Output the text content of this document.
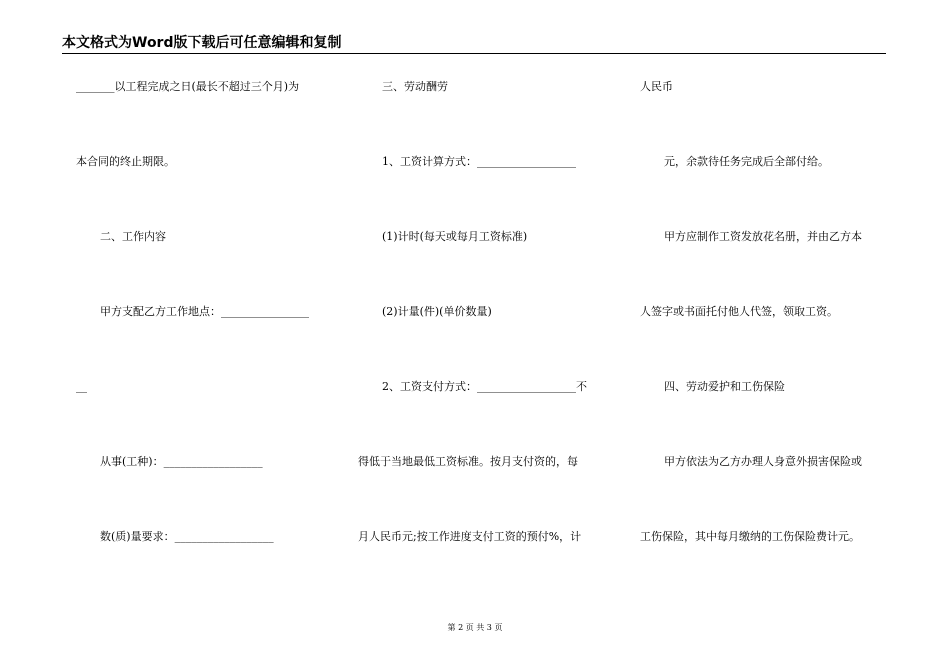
本文格式为Word版下载后可任意编辑和复制
_______以工程完成之日(最长不超过三个月)为
本合同的终止期限。
二、工作内容
甲方支配乙方工作地点：________________
__
从事(工种)：__________________
数(质)量要求：__________________
三、劳动酬劳
1、工资计算方式：__________________
(1)计时(每天或每月工资标准)
(2)计量(件)(单价数量)
2、工资支付方式：__________________不
得低于当地最低工资标准。按月支付资的，每
月人民币元;按工作进度支付工资的预付%，计
人民币
元，余款待任务完成后全部付给。
甲方应制作工资发放花名册，并由乙方本
人签字或书面托付他人代签，领取工资。
四、劳动爱护和工伤保险
甲方依法为乙方办理人身意外损害保险或
工伤保险，其中每月缴纳的工伤保险费计元。
第 2 页 共 3 页
